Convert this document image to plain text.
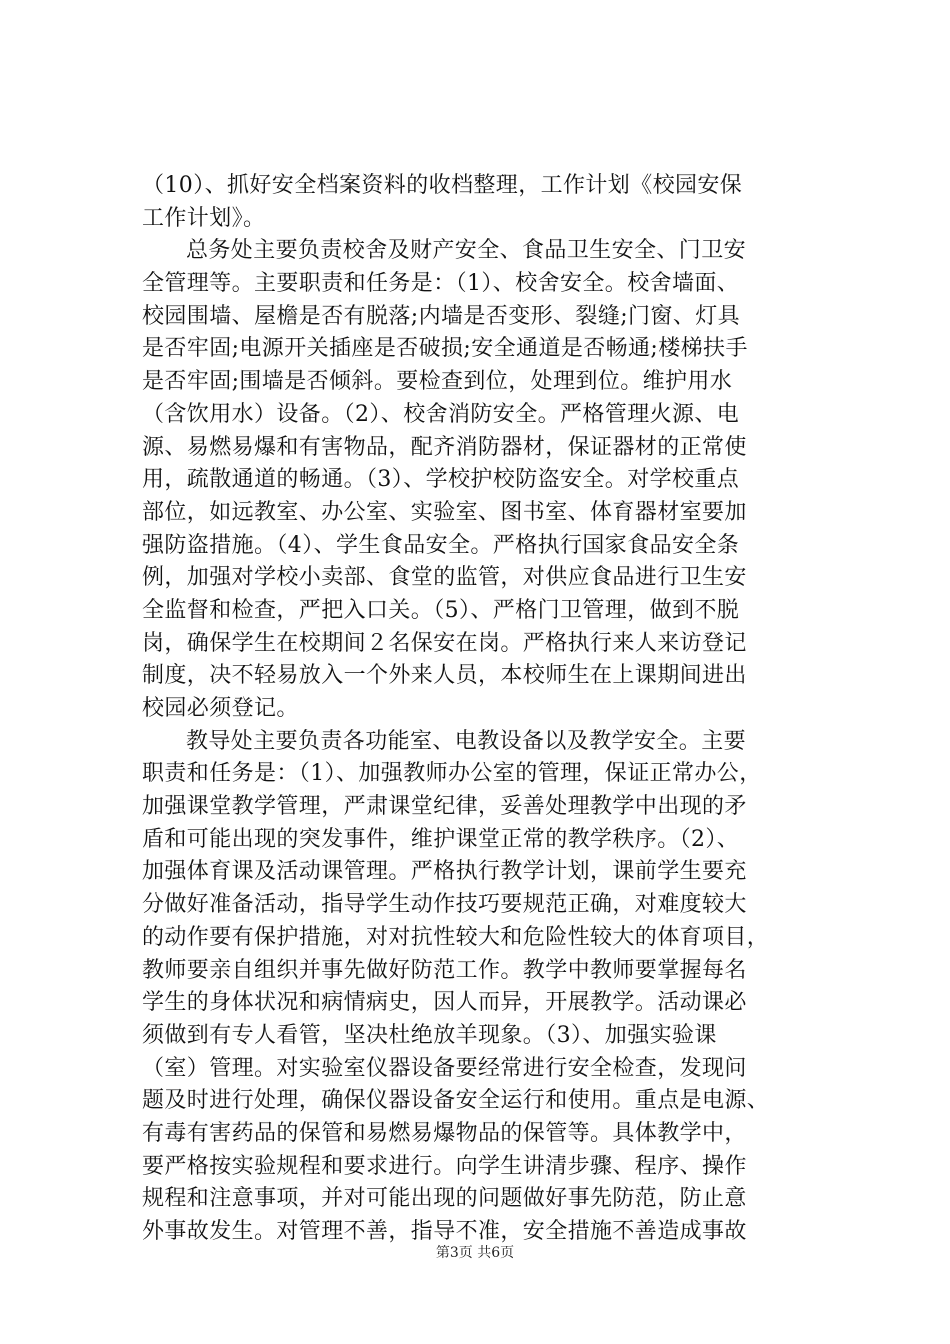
（10）、抓好安全档案资料的收档整理，工作计划《校园安保
工作计划》。
总务处主要负责校舍及财产安全、食品卫生安全、门卫安
全管理等。主要职责和任务是：（1）、校舍安全。校舍墙面、
校园围墙、屋檐是否有脱落;内墙是否变形、裂缝;门窗、灯具
是否牢固;电源开关插座是否破损;安全通道是否畅通;楼梯扶手
是否牢固;围墙是否倾斜。要检查到位，处理到位。维护用水
（含饮用水）设备。（2）、校舍消防安全。严格管理火源、电
源、易燃易爆和有害物品，配齐消防器材，保证器材的正常使
用，疏散通道的畅通。（3）、学校护校防盗安全。对学校重点
部位，如远教室、办公室、实验室、图书室、体育器材室要加
强防盗措施。（4）、学生食品安全。严格执行国家食品安全条
例，加强对学校小卖部、食堂的监管，对供应食品进行卫生安
全监督和检查，严把入口关。（5）、严格门卫管理，做到不脱
岗，确保学生在校期间２名保安在岗。严格执行来人来访登记
制度，决不轻易放入一个外来人员，本校师生在上课期间进出
校园必须登记。
教导处主要负责各功能室、电教设备以及教学安全。主要
职责和任务是：（1）、加强教师办公室的管理，保证正常办公，
加强课堂教学管理，严肃课堂纪律，妥善处理教学中出现的矛
盾和可能出现的突发事件，维护课堂正常的教学秩序。（2）、
加强体育课及活动课管理。严格执行教学计划，课前学生要充
分做好准备活动，指导学生动作技巧要规范正确，对难度较大
的动作要有保护措施，对对抗性较大和危险性较大的体育项目，
教师要亲自组织并事先做好防范工作。教学中教师要掌握每名
学生的身体状况和病情病史，因人而异，开展教学。活动课必
须做到有专人看管，坚决杜绝放羊现象。（3）、加强实验课
（室）管理。对实验室仪器设备要经常进行安全检查，发现问
题及时进行处理，确保仪器设备安全运行和使用。重点是电源、
有毒有害药品的保管和易燃易爆物品的保管等。具体教学中，
要严格按实验规程和要求进行。向学生讲清步骤、程序、操作
规程和注意事项，并对可能出现的问题做好事先防范，防止意
外事故发生。对管理不善，指导不准，安全措施不善造成事故
第3页 共6页
